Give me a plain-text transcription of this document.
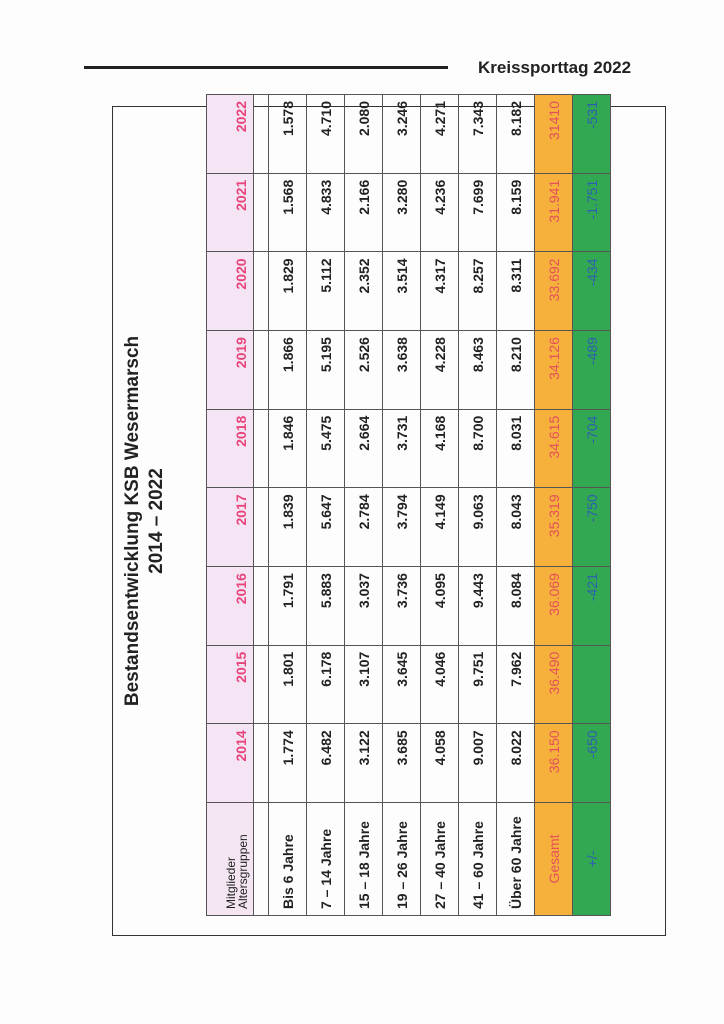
Kreissporttag 2022
Bestandsentwicklung KSB Wesermarsch 2014 – 2022
Mitglieder
Altersgruppen	2014	2015	2016	2017	2018	2019	2020	2021	2022

Bis 6 Jahre	1.774	1.801	1.791	1.839	1.846	1.866	1.829	1.568	1.578
7 – 14 Jahre	6.482	6.178	5.883	5.647	5.475	5.195	5.112	4.833	4.710
15 – 18 Jahre	3.122	3.107	3.037	2.784	2.664	2.526	2.352	2.166	2.080
19 – 26 Jahre	3.685	3.645	3.736	3.794	3.731	3.638	3.514	3.280	3.246
27 – 40 Jahre	4.058	4.046	4.095	4.149	4.168	4.228	4.317	4.236	4.271
41 – 60 Jahre	9.007	9.751	9.443	9.063	8.700	8.463	8.257	7.699	7.343
Über 60 Jahre	8.022	7.962	8.084	8.043	8.031	8.210	8.311	8.159	8.182
Gesamt	36.150	36.490	36.069	35.319	34.615	34.126	33.692	31.941	31410
+/-	-650		-421	-750	-704	-489	-434	-1.751	-531
